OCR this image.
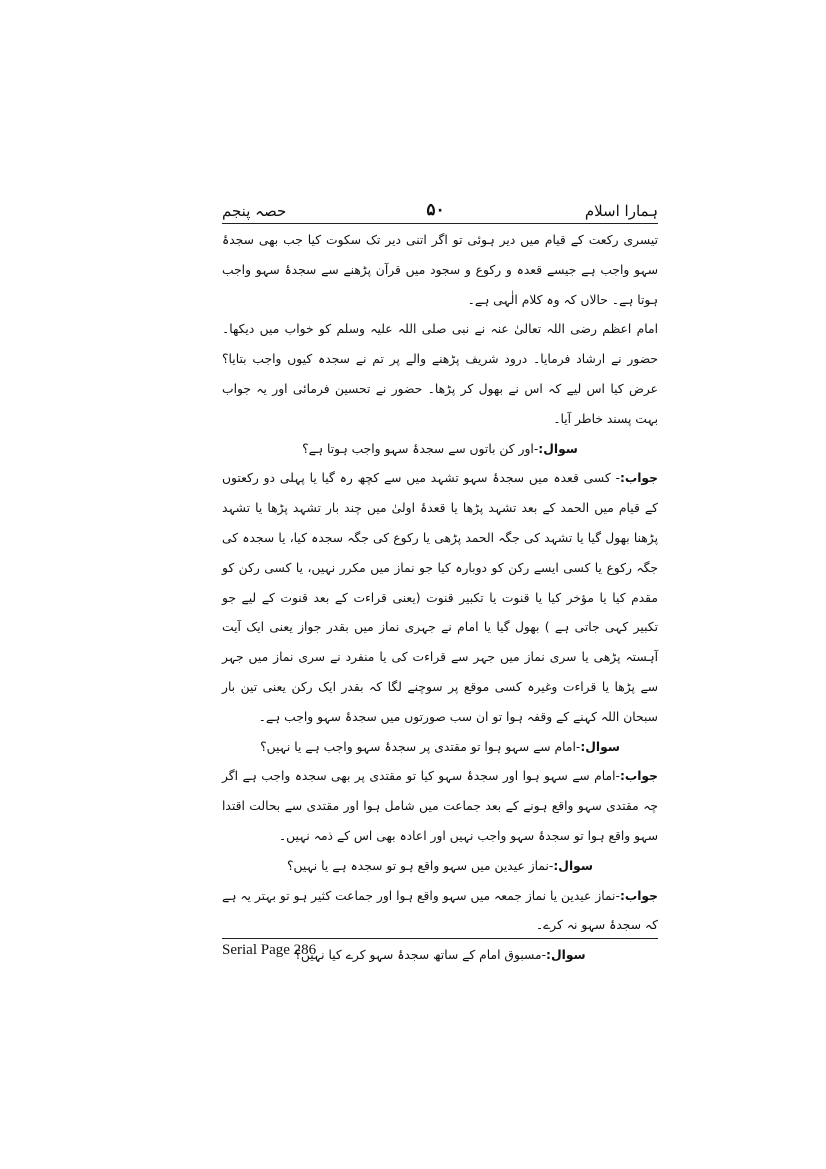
ہمارا اسلام
۵۰
حصہ پنجم

تیسری رکعت کے قیام میں دیر ہوئی تو اگر اتنی دیر تک سکوت کیا جب بھی سجدۂ سہو واجب ہے جیسے قعدہ و رکوع و سجود میں قرآن پڑھنے سے سجدۂ سہو واجب ہوتا ہے۔ حالاں کہ وہ کلام الٰہی ہے۔

امام اعظم رضی اللہ تعالیٰ عنہ نے نبی صلی اللہ علیہ وسلم کو خواب میں دیکھا۔ حضور نے ارشاد فرمایا۔ درود شریف پڑھنے والے پر تم نے سجدہ کیوں واجب بتایا؟ عرض کیا اس لیے کہ اس نے بھول کر پڑھا۔ حضور نے تحسین فرمائی اور یہ جواب بہت پسند خاطر آیا۔

سوال:-اور کن باتوں سے سجدۂ سہو واجب ہوتا ہے؟

جواب:- کسی قعدہ میں سجدۂ سہو تشہد میں سے کچھ رہ گیا یا پہلی دو رکعتوں کے قیام میں الحمد کے بعد تشہد پڑھا یا قعدۂ اولیٰ میں چند بار تشہد پڑھا یا تشہد پڑھنا بھول گیا یا تشہد کی جگہ الحمد پڑھی یا رکوع کی جگہ سجدہ کیا، یا سجدہ کی جگہ رکوع یا کسی ایسے رکن کو دوبارہ کیا جو نماز میں مکرر نہیں، یا کسی رکن کو مقدم کیا یا مؤخر کیا یا قنوت یا تکبیر قنوت (یعنی قراءت کے بعد قنوت کے لیے جو تکبیر کہی جاتی ہے ) بھول گیا یا امام نے جہری نماز میں بقدر جواز یعنی ایک آیت آہستہ پڑھی یا سری نماز میں جہر سے قراءت کی یا منفرد نے سری نماز میں جہر سے پڑھا یا قراءت وغیرہ کسی موقع پر سوچنے لگا کہ بقدر ایک رکن یعنی تین بار سبحان اللہ کہنے کے وقفہ ہوا تو ان سب صورتوں میں سجدۂ سہو واجب ہے۔

سوال:-امام سے سہو ہوا تو مقتدی پر سجدۂ سہو واجب ہے یا نہیں؟

جواب:-امام سے سہو ہوا اور سجدۂ سہو کیا تو مقتدی پر بھی سجدہ واجب ہے اگر چہ مقتدی سہو واقع ہونے کے بعد جماعت میں شامل ہوا اور مقتدی سے بحالت اقتدا سہو واقع ہوا تو سجدۂ سہو واجب نہیں اور اعادہ بھی اس کے ذمہ نہیں۔

سوال:-نماز عیدین میں سہو واقع ہو تو سجدہ ہے یا نہیں؟

جواب:-نماز عیدین یا نماز جمعہ میں سہو واقع ہوا اور جماعت کثیر ہو تو بہتر یہ ہے کہ سجدۂ سہو نہ کرے۔

سوال:-مسبوق امام کے ساتھ سجدۂ سہو کرے کیا نہیں؟

Serial Page 286
